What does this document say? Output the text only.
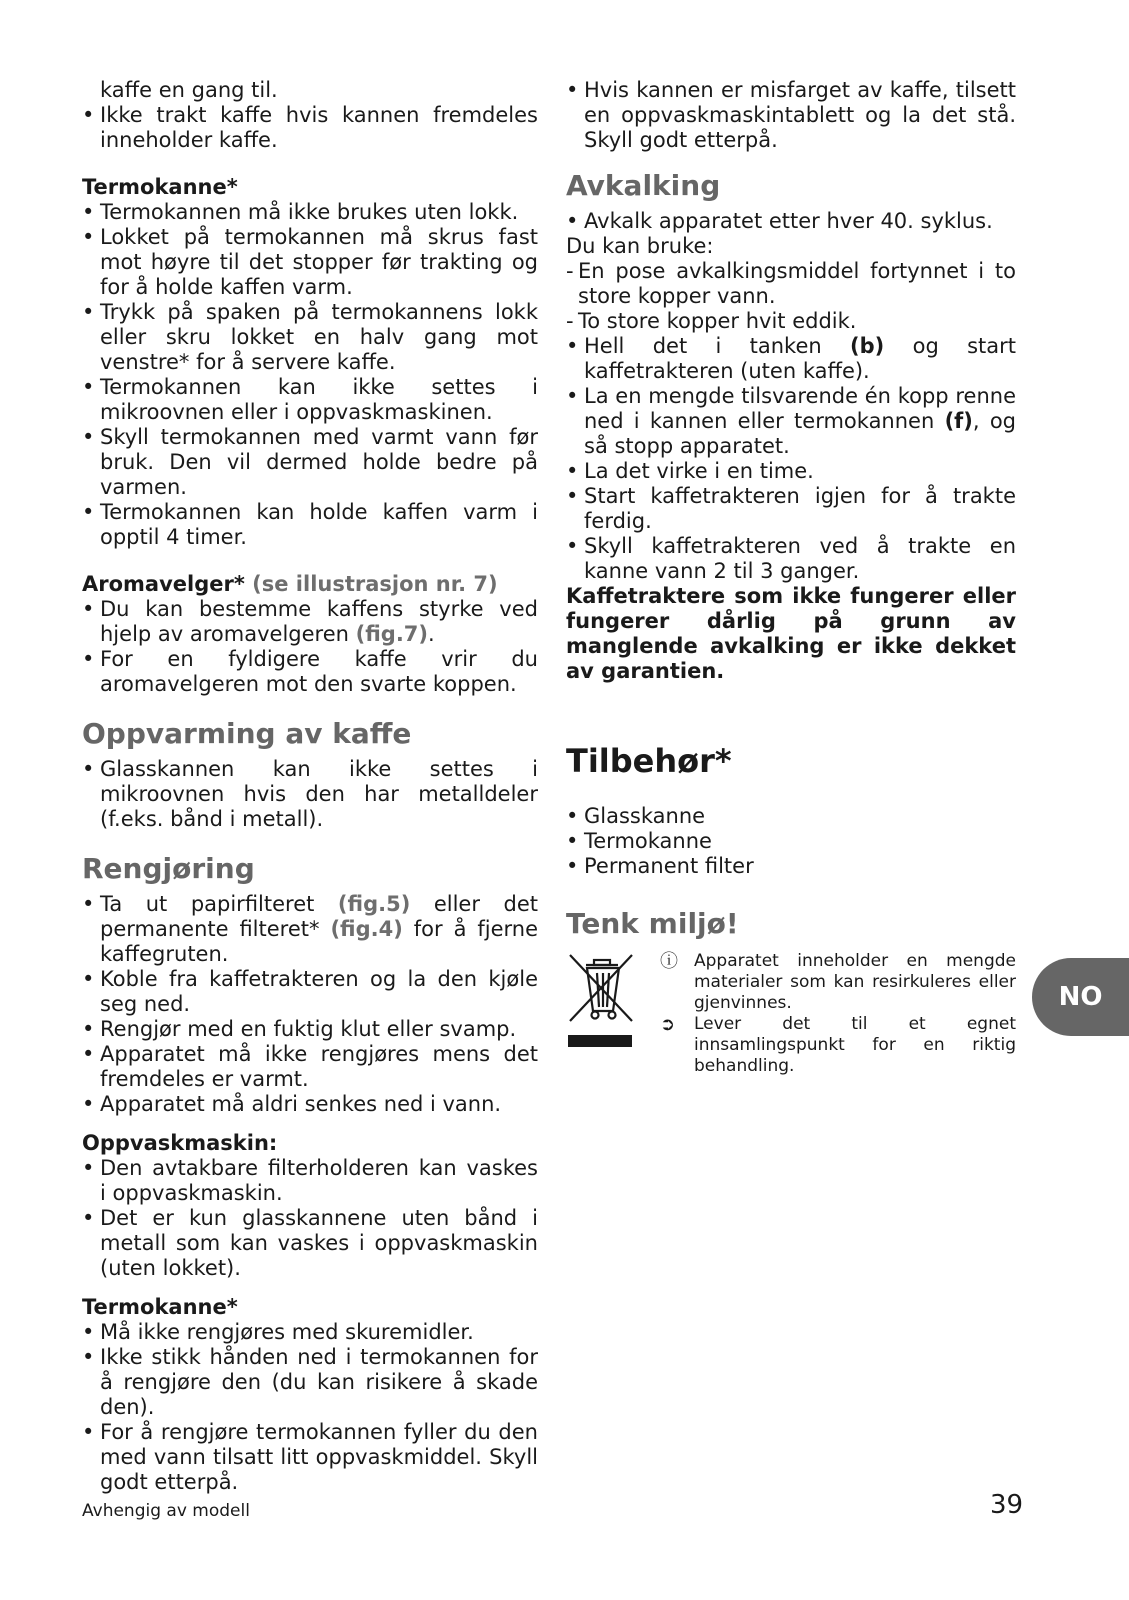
kaffe en gang til.

• Ikke trakt kaffe hvis kannen fremdeles inneholder kaffe.
Termokanne*
• Termokannen må ikke brukes uten lokk.
• Lokket på termokannen må skrus fast mot høyre til det stopper før trakting og for å holde kaffen varm.
• Trykk på spaken på termokannens lokk eller skru lokket en halv gang mot venstre* for å servere kaffe.
• Termokannen kan ikke settes i mikroovnen eller i oppvaskmaskinen.
• Skyll termokannen med varmt vann før bruk. Den vil dermed holde bedre på varmen.
• Termokannen kan holde kaffen varm i opptil 4 timer.
Aromavelger* (se illustrasjon nr. 7)
• Du kan bestemme kaffens styrke ved hjelp av aromavelgeren (fig.7).
• For en fyldigere kaffe vrir du aromavelgeren mot den svarte koppen.
Oppvarming av kaffe
• Glasskannen kan ikke settes i mikroovnen hvis den har metalldeler (f.eks. bånd i metall).
Rengjøring
• Ta ut papirfilteret (fig.5) eller det permanente filteret* (fig.4) for å fjerne kaffegruten.
• Koble fra kaffetrakteren og la den kjøle seg ned.
• Rengjør med en fuktig klut eller svamp.
• Apparatet må ikke rengjøres mens det fremdeles er varmt.
• Apparatet må aldri senkes ned i vann.
Oppvaskmaskin:
• Den avtakbare filterholderen kan vaskes i oppvaskmaskin.
• Det er kun glasskannene uten bånd i metall som kan vaskes i oppvaskmaskin (uten lokket).
Termokanne*
• Må ikke rengjøres med skuremidler.
• Ikke stikk hånden ned i termokannen for å rengjøre den (du kan risikere å skade den).
• For å rengjøre termokannen fyller du den med vann tilsatt litt oppvaskmiddel. Skyll godt etterpå.
• Hvis kannen er misfarget av kaffe, tilsett en oppvaskmaskintablett og la det stå. Skyll godt etterpå.
Avkalking
• Avkalk apparatet etter hver 40. syklus.

Du kan bruke:

- En pose avkalkingsmiddel fortynnet i to store kopper vann.
- To store kopper hvit eddik.
• Hell det i tanken (b) og start kaffetrakteren (uten kaffe).
• La en mengde tilsvarende én kopp renne ned i kannen eller termokannen (f), og så stopp apparatet.
• La det virke i en time.
• Start kaffetrakteren igjen for å trakte ferdig.
• Skyll kaffetrakteren ved å trakte en kanne vann 2 til 3 ganger.

Kaffetraktere som ikke fungerer eller fungerer dårlig på grunn av manglende avkalking er ikke dekket av garantien.

Tilbehør*
• Glasskanne
• Termokanne
• Permanent filter
Tenk miljø!
ⓘ Apparatet inneholder en mengde materialer som kan resirkuleres eller gjenvinnes.
➲ Lever det til et egnet innsamlingspunkt for en riktig behandling.
NO
Avhengig av modell	39
